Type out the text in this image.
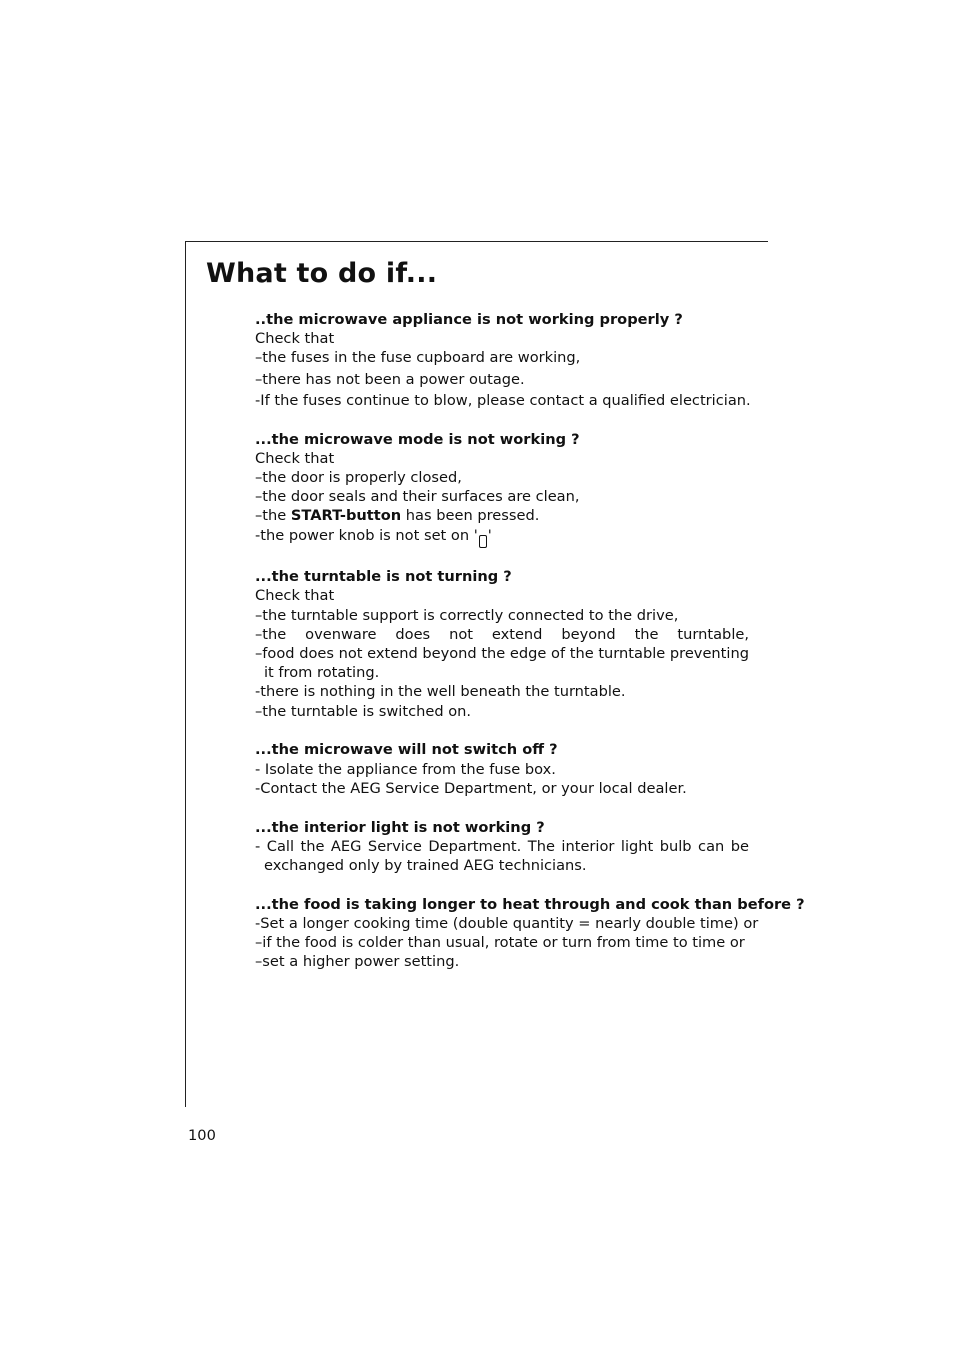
What to do if...
..the microwave appliance is not working properly ?
Check that
–the fuses in the fuse cupboard are working,
–there has not been a power outage.
-If the fuses continue to blow, please contact a qualified electrician.
...the microwave mode is not working ?
Check that
–the door is properly closed,
–the door seals and their surfaces are clean,
–the START-button has been pressed.
-the power knob is not set on ' '
...the turntable is not turning ?
Check that
–the turntable support is correctly connected to the drive,
–the ovenware does not extend beyond the turntable,
–food does not extend beyond the edge of the turntable preventing it from rotating.
-there is nothing in the well beneath the turntable.
–the turntable is switched on.
...the microwave will not switch off ?
- Isolate the appliance from the fuse box.
-Contact the AEG Service Department, or your local dealer.
...the interior light is not working ?
- Call the AEG Service Department. The interior light bulb can be exchanged only by trained AEG technicians.
...the food is taking longer to heat through and cook than before ?
-Set a longer cooking time (double quantity = nearly double time) or
–if the food is colder than usual, rotate or turn from time to time or
–set a higher power setting.
100
